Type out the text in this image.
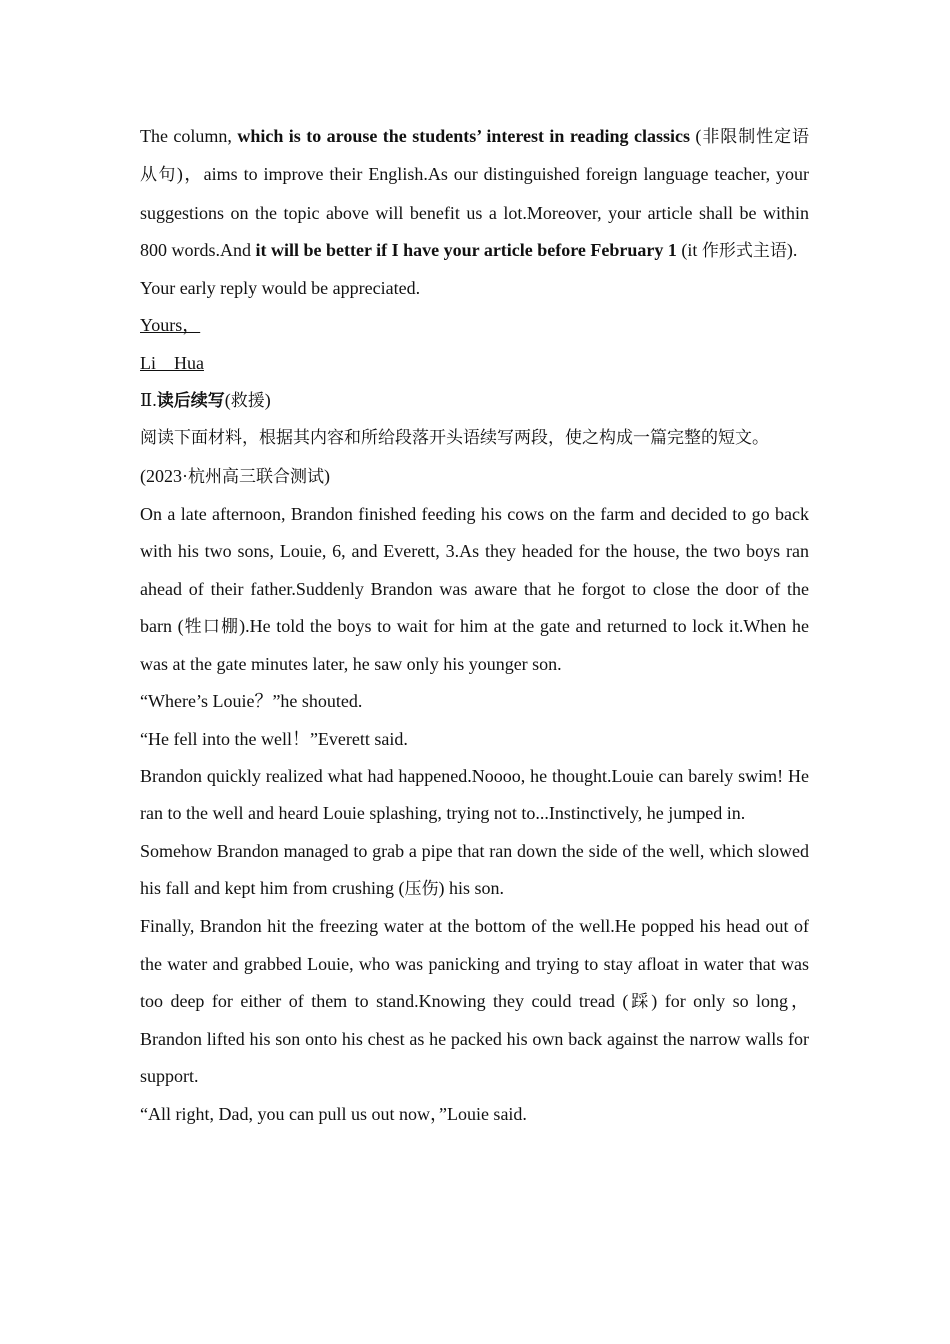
The column, which is to arouse the students’ interest in reading classics (非限制性定语从句)，aims to improve their English.As our distinguished foreign language teacher, your suggestions on the topic above will benefit us a lot.Moreover, your article shall be within 800 words.And it will be better if I have your article before February 1 (it 作形式主语).

Your early reply would be appreciated.

Yours，

Li　Hua

Ⅱ.读后续写(救援)

阅读下面材料，根据其内容和所给段落开头语续写两段，使之构成一篇完整的短文。

(2023·杭州高三联合测试)

On a late afternoon, Brandon finished feeding his cows on the farm and decided to go back with his two sons, Louie, 6, and Everett, 3.As they headed for the house, the two boys ran ahead of their father.Suddenly Brandon was aware that he forgot to close the door of the barn (牲口棚).He told the boys to wait for him at the gate and returned to lock it.When he was at the gate minutes later, he saw only his younger son.

“Where’s Louie？”he shouted.

“He fell into the well！”Everett said.

Brandon quickly realized what had happened.Noooo, he thought.Louie can barely swim! He ran to the well and heard Louie splashing, trying not to...Instinctively, he jumped in.

Somehow Brandon managed to grab a pipe that ran down the side of the well, which slowed his fall and kept him from crushing (压伤) his son.

Finally, Brandon hit the freezing water at the bottom of the well.He popped his head out of the water and grabbed Louie, who was panicking and trying to stay afloat in water that was too deep for either of them to stand.Knowing they could tread (踩) for only so long，Brandon lifted his son onto his chest as he packed his own back against the narrow walls for support.

“All right, Dad, you can pull us out now，”Louie said.
